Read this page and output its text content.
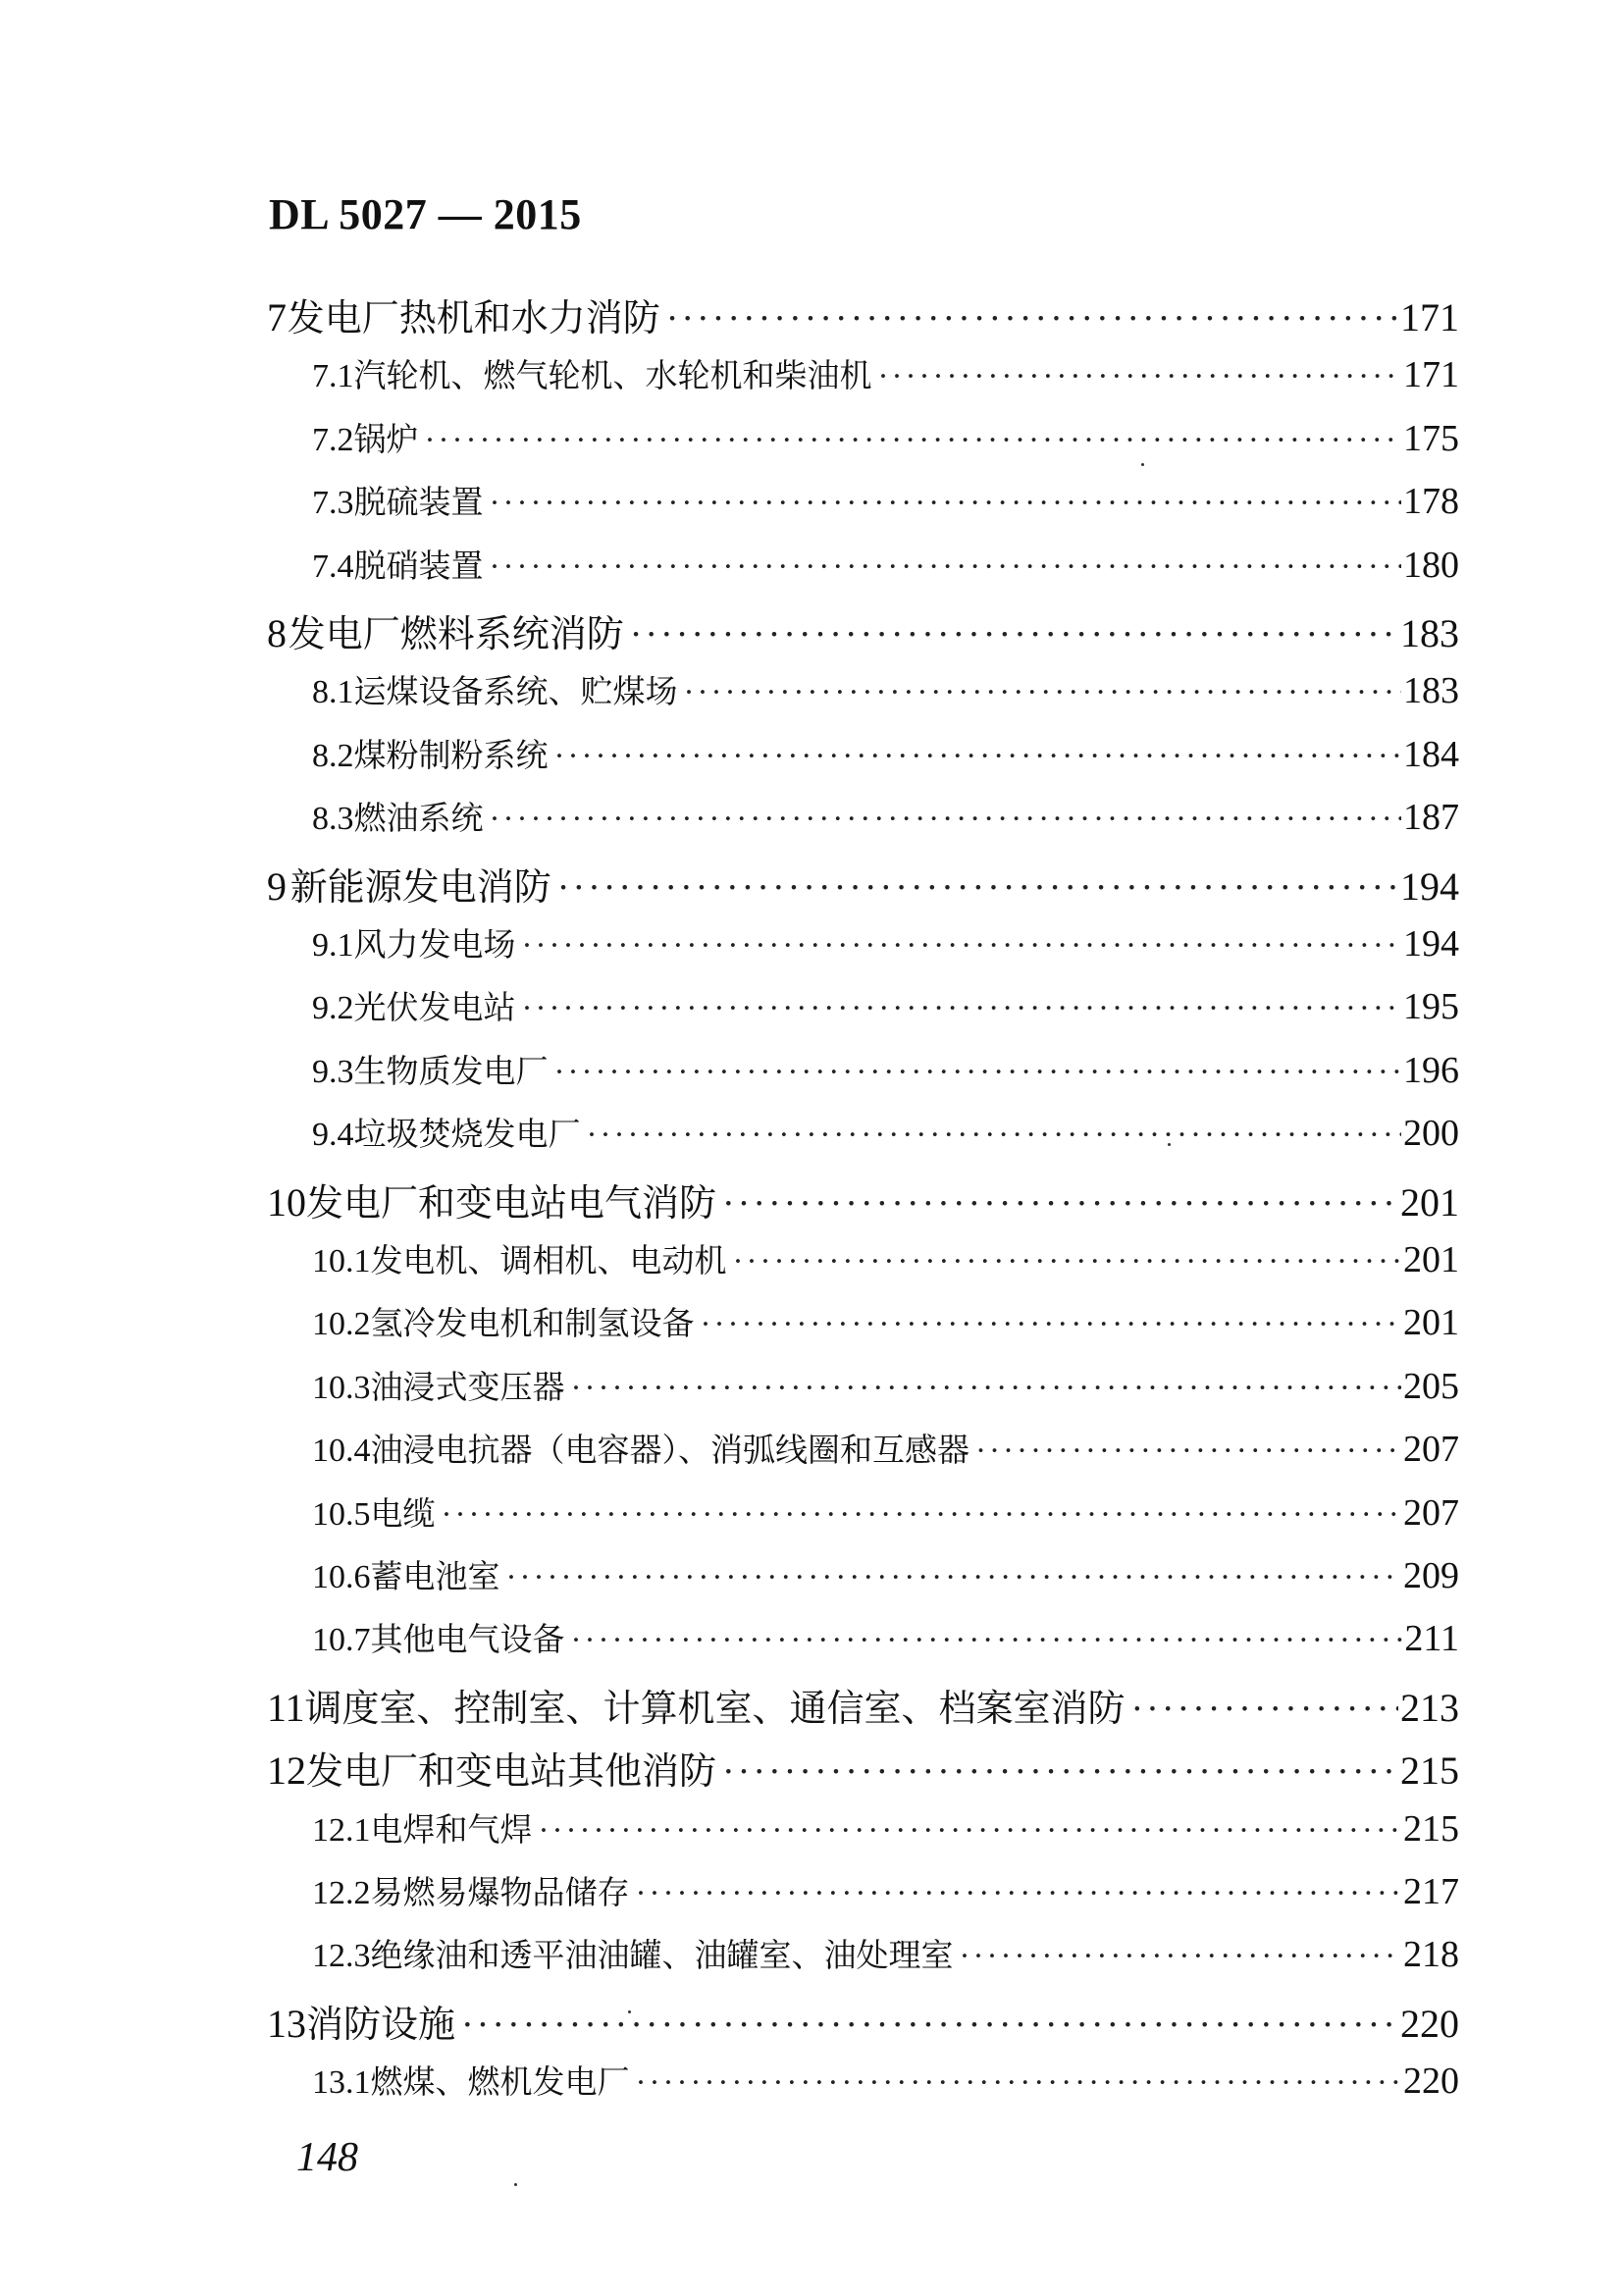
DL 5027 — 2015
7 发电厂热机和水力消防 ·····	171
7.1 汽轮机、燃气轮机、水轮机和柴油机 ·····	171
7.2 锅炉 ·····	175
7.3 脱硫装置 ·····	178
7.4 脱硝装置 ·····	180
8 发电厂燃料系统消防 ·····	183
8.1 运煤设备系统、贮煤场 ·····	183
8.2 煤粉制粉系统 ·····	184
8.3 燃油系统 ·····	187
9 新能源发电消防 ·····	194
9.1 风力发电场 ·····	194
9.2 光伏发电站 ·····	195
9.3 生物质发电厂 ·····	196
9.4 垃圾焚烧发电厂 ·····	200
10 发电厂和变电站电气消防 ·····	201
10.1 发电机、调相机、电动机 ·····	201
10.2 氢冷发电机和制氢设备 ·····	201
10.3 油浸式变压器 ·····	205
10.4 油浸电抗器（电容器）、消弧线圈和互感器 ·····	207
10.5 电缆 ·····	207
10.6 蓄电池室 ·····	209
10.7 其他电气设备 ·····	211
11 调度室、控制室、计算机室、通信室、档案室消防 ·····	213
12 发电厂和变电站其他消防 ·····	215
12.1 电焊和气焊 ·····	215
12.2 易燃易爆物品储存 ·····	217
12.3 绝缘油和透平油油罐、油罐室、油处理室 ·····	218
13 消防设施 ·····	220
13.1 燃煤、燃机发电厂 ·····	220
148
